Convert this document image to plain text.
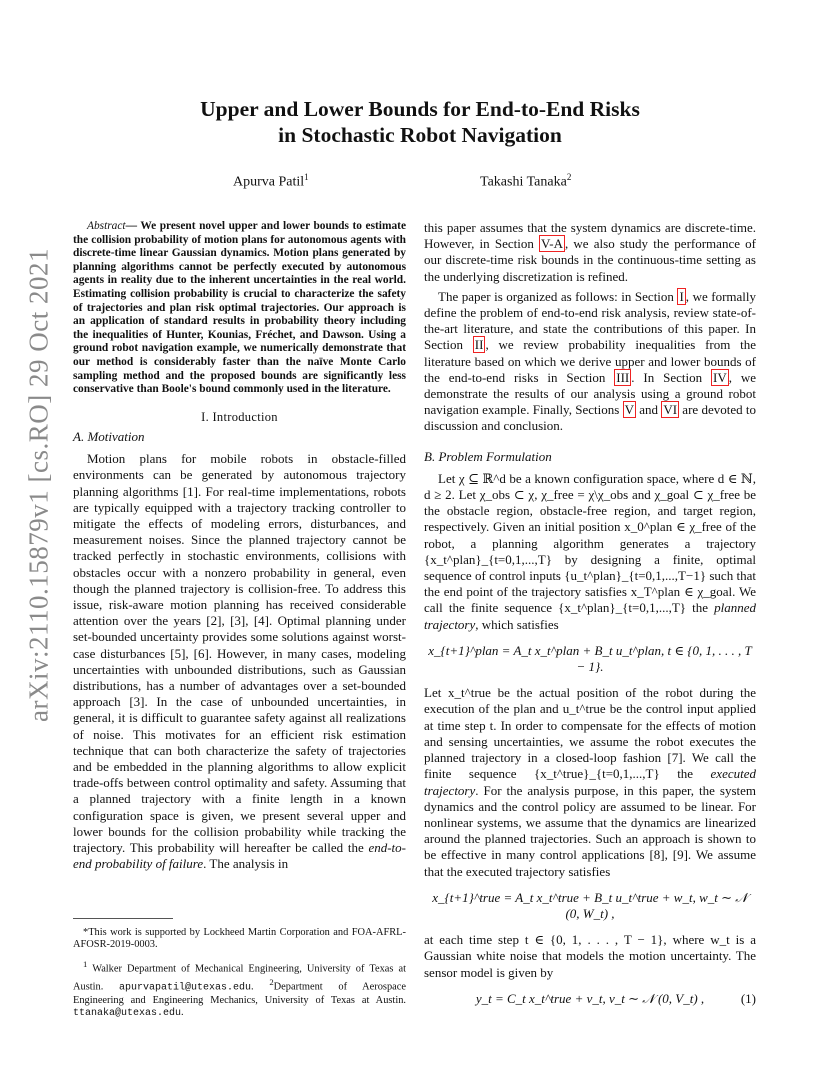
arXiv:2110.15879v1 [cs.RO] 29 Oct 2021
Upper and Lower Bounds for End-to-End Risks
in Stochastic Robot Navigation
Apurva Patil$^1$	Takashi Tanaka$^2$

Abstract— We present novel upper and lower bounds to estimate the collision probability of motion plans for autonomous agents with discrete-time linear Gaussian dynamics. Motion plans generated by planning algorithms cannot be perfectly executed by autonomous agents in reality due to the inherent uncertainties in the real world. Estimating collision probability is crucial to characterize the safety of trajectories and plan risk optimal trajectories. Our approach is an application of standard results in probability theory including the inequalities of Hunter, Kounias, Fréchet, and Dawson. Using a ground robot navigation example, we numerically demonstrate that our method is considerably faster than the naïve Monte Carlo sampling method and the proposed bounds are significantly less conservative than Boole's bound commonly used in the literature.

I. Introduction
A. Motivation

Motion plans for mobile robots in obstacle-filled environments can be generated by autonomous trajectory planning algorithms [1]. For real-time implementations, robots are typically equipped with a trajectory tracking controller to mitigate the effects of modeling errors, disturbances, and measurement noises. Since the planned trajectory cannot be tracked perfectly in stochastic environments, collisions with obstacles occur with a nonzero probability in general, even though the planned trajectory is collision-free. To address this issue, risk-aware motion planning has received considerable attention over the years [2], [3], [4]. Optimal planning under set-bounded uncertainty provides some solutions against worst-case disturbances [5], [6]. However, in many cases, modeling uncertainties with unbounded distributions, such as Gaussian distributions, has a number of advantages over a set-bounded approach [3]. In the case of unbounded uncertainties, in general, it is difficult to guarantee safety against all realizations of noise. This motivates for an efficient risk estimation technique that can both characterize the safety of trajectories and be embedded in the planning algorithms to allow explicit trade-offs between control optimality and safety. Assuming that a planned trajectory with a finite length in a known configuration space is given, we present several upper and lower bounds for the collision probability while tracking the trajectory. This probability will hereafter be called the end-to-end probability of failure. The analysis in

*This work is supported by Lockheed Martin Corporation and FOA-AFRL-AFOSR-2019-0003.

$^1$ Walker Department of Mechanical Engineering, University of Texas at Austin. apurvapatil@utexas.edu. $^2$Department of Aerospace Engineering and Engineering Mechanics, University of Texas at Austin. ttanaka@utexas.edu.

this paper assumes that the system dynamics are discrete-time. However, in Section V-A , we also study the performance of our discrete-time risk bounds in the continuous-time setting as the underlying discretization is refined.

The paper is organized as follows: in Section I , we formally define the problem of end-to-end risk analysis, review state-of-the-art literature, and state the contributions of this paper. In Section II , we review probability inequalities from the literature based on which we derive upper and lower bounds of the end-to-end risks in Section III . In Section IV , we demonstrate the results of our analysis using a ground robot navigation example. Finally, Sections V and VI are devoted to discussion and conclusion.

B. Problem Formulation

Let χ ⊆ ℝ^d be a known configuration space, where d ∈ ℕ, d ≥ 2. Let χ_obs ⊂ χ, χ_free = χ\χ_obs and χ_goal ⊂ χ_free be the obstacle region, obstacle-free region, and target region, respectively. Given an initial position x_0^plan ∈ χ_free of the robot, a planning algorithm generates a trajectory {x_t^plan}_{t=0,1,...,T} by designing a finite, optimal sequence of control inputs {u_t^plan}_{t=0,1,...,T−1} such that the end point of the trajectory satisfies x_T^plan ∈ χ_goal. We call the finite sequence {x_t^plan}_{t=0,1,...,T} the planned trajectory, which satisfies

x_{t+1}^plan = A_t x_t^plan + B_t u_t^plan, t ∈ {0, 1, . . . , T − 1}.

Let x_t^true be the actual position of the robot during the execution of the plan and u_t^true be the control input applied at time step t. In order to compensate for the effects of motion and sensing uncertainties, we assume the robot executes the planned trajectory in a closed-loop fashion [7]. We call the finite sequence {x_t^true}_{t=0,1,...,T} the executed trajectory. For the analysis purpose, in this paper, the system dynamics and the control policy are assumed to be linear. For nonlinear systems, we assume that the dynamics are linearized around the planned trajectories. Such an approach is shown to be effective in many control applications [8], [9]. We assume that the executed trajectory satisfies

x_{t+1}^true = A_t x_t^true + B_t u_t^true + w_t, w_t ∼ 𝒩 (0, W_t) ,

at each time step t ∈ {0, 1, . . . , T − 1}, where w_t is a Gaussian white noise that models the motion uncertainty. The sensor model is given by

y_t = C_t x_t^true + v_t, v_t ∼ 𝒩 (0, V_t) ,	(1)
